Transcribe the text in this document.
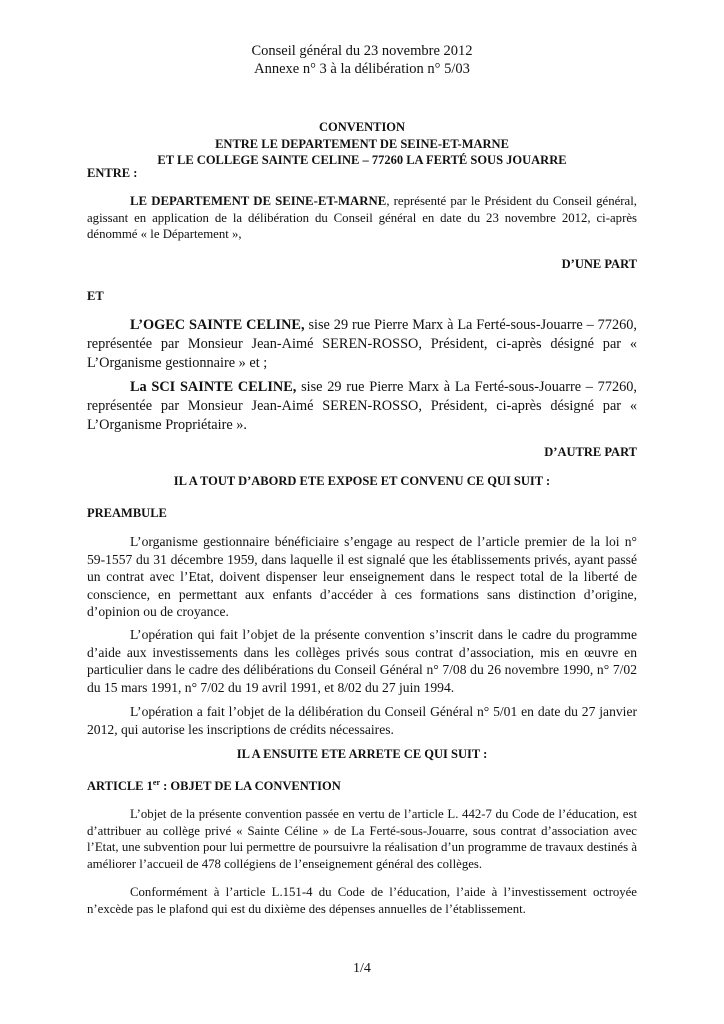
Conseil général du 23 novembre 2012
Annexe n° 3 à la délibération n° 5/03
CONVENTION
ENTRE LE DEPARTEMENT DE SEINE-ET-MARNE
ET LE COLLEGE SAINTE CELINE – 77260 LA FERTÉ SOUS JOUARRE
ENTRE :
LE DEPARTEMENT DE SEINE-ET-MARNE, représenté par le Président du Conseil général, agissant en application de la délibération du Conseil général en date du 23 novembre 2012, ci-après dénommé « le Département »,
D’UNE PART
ET
L’OGEC SAINTE CELINE, sise 29 rue Pierre Marx à La Ferté-sous-Jouarre – 77260, représentée par Monsieur Jean-Aimé SEREN-ROSSO, Président, ci-après désigné par « L’Organisme gestionnaire » et ;
La SCI SAINTE CELINE, sise 29 rue Pierre Marx à La Ferté-sous-Jouarre – 77260, représentée par Monsieur Jean-Aimé SEREN-ROSSO, Président, ci-après désigné par « L’Organisme Propriétaire ».
D’AUTRE PART
IL A TOUT D’ABORD ETE EXPOSE ET CONVENU CE QUI SUIT :
PREAMBULE
L’organisme gestionnaire bénéficiaire s’engage au respect de l’article premier de la loi n° 59-1557 du 31 décembre 1959, dans laquelle il est signalé que les établissements privés, ayant passé un contrat avec l’Etat, doivent dispenser leur enseignement dans le respect total de la liberté de conscience, en permettant aux enfants d’accéder à ces formations sans distinction d’origine, d’opinion ou de croyance.
L’opération qui fait l’objet de la présente convention s’inscrit dans le cadre du programme d’aide aux investissements dans les collèges privés sous contrat d’association, mis en œuvre en particulier dans le cadre des délibérations du Conseil Général n° 7/08 du 26 novembre 1990, n° 7/02 du 15 mars 1991, n° 7/02 du 19 avril 1991, et 8/02 du 27 juin 1994.
L’opération a fait l’objet de la délibération du Conseil Général n° 5/01 en date du 27 janvier 2012, qui autorise les inscriptions de crédits nécessaires.
IL A ENSUITE ETE ARRETE CE QUI SUIT :
ARTICLE 1er : OBJET DE LA CONVENTION
L’objet de la présente convention passée en vertu de l’article L. 442-7 du Code de l’éducation, est d’attribuer au collège privé « Sainte Céline » de La Ferté-sous-Jouarre, sous contrat d’association avec l’Etat, une subvention pour lui permettre de poursuivre la réalisation d’un programme de travaux destinés à améliorer l’accueil de 478 collégiens de l’enseignement général des collèges.
Conformément à l’article L.151-4 du Code de l’éducation, l’aide à l’investissement octroyée n’excède pas le plafond qui est du dixième des dépenses annuelles de l’établissement.
1/4
